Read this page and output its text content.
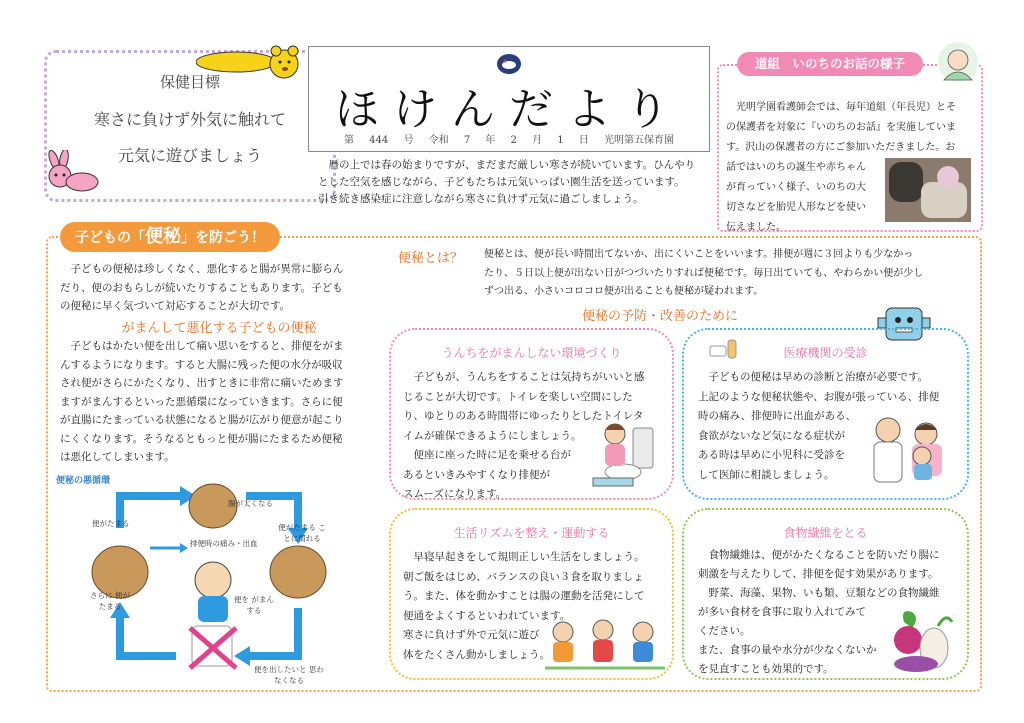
保健目標
寒さに負けず外気に触れて
元気に遊びましょう
ほけんだより
第 444 号 令和 7 年 2 月 1 日 光明第五保育園
暦の上では春の始まりですが、まだまだ厳しい寒さが続いています。ひんやり
とした空気を感じながら、子どもたちは元気いっぱい園生活を送っています。
引き続き感染症に注意しながら寒さに負けず元気に過ごしましょう。
道組　いのちのお話の様子
光明学園看護師会では、毎年道組（年長児）とそ
の保護者を対象に『いのちのお話』を実施していま
す。沢山の保護者の方にご参加いただきました。お
話ではいのちの誕生や赤ちゃん
が育っていく様子、いのちの大
切さなどを胎児人形などを使い
伝えました。
子どもの「便秘」を防ごう！
子どもの便秘は珍しくなく、悪化すると腸が異常に膨らん
だり、便のおもらしが続いたりすることもあります。子ども
の便秘に早く気づいて対応することが大切です。
がまんして悪化する子どもの便秘
子どもはかたい便を出して痛い思いをすると、排便をがま
んするようになります。すると大腸に残った便の水分が吸収
され便がさらにかたくなり、出すときに非常に痛いためます
ますがまんするといった悪循環になっていきます。さらに便
が直腸にたまっている状態になると腸が広がり便意が起こり
にくくなります。そうなるともっと便が腸にたまるため便秘
は悪化してしまいます。
便秘の悪循環
腸が太くなる
便がたまる
排便時の痛み・出血
便がたまる ことに慣れる
さらに 便がたまる
便を がまんする
便を出したいと 思わなくなる
便秘とは？ 便秘とは、便が長い時間出てないか、出にくいことをいいます。排便が週に３回よりも少なかっ
たり、５日以上便が出ない日がつづいたりすれば便秘です。毎日出ていても、やわらかい便が少し
ずつ出る、小さいコロコロ便が出ることも便秘が疑われます。
便秘の予防・改善のために
うんちをがまんしない環境づくり
子どもが、うんちをすることは気持ちがいいと感
じることが大切です。トイレを楽しい空間にした
り、ゆとりのある時間帯にゆったりとしたトイレタ
イムが確保できるようにしましょう。
便座に座った時に足を乗せる台が
あるといきみやすくなり排便が
スムーズになります。
医療機関の受診
子どもの便秘は早めの診断と治療が必要です。
上記のような便秘状態や、お腹が張っている、排便
時の痛み、排便時に出血がある、
食欲がないなど気になる症状が
ある時は早めに小児科に受診を
して医師に相談しましょう。
生活リズムを整え・運動する
早寝早起きをして規則正しい生活をしましょう。
朝ご飯をはじめ、バランスの良い３食を取りましょ
う。また、体を動かすことは腸の運動を活発にして
便通をよくするといわれています。
寒さに負けず外で元気に遊び
体をたくさん動かしましょう。
食物繊維をとる
食物繊維は、便がかたくなることを防いだり腸に
刺激を与えたりして、排便を促す効果があります。
野菜、海藻、果物、いも類、豆類などの食物繊維
が多い食材を食事に取り入れてみて
ください。
また、食事の量や水分が少なくないか
を見直すことも効果的です。
